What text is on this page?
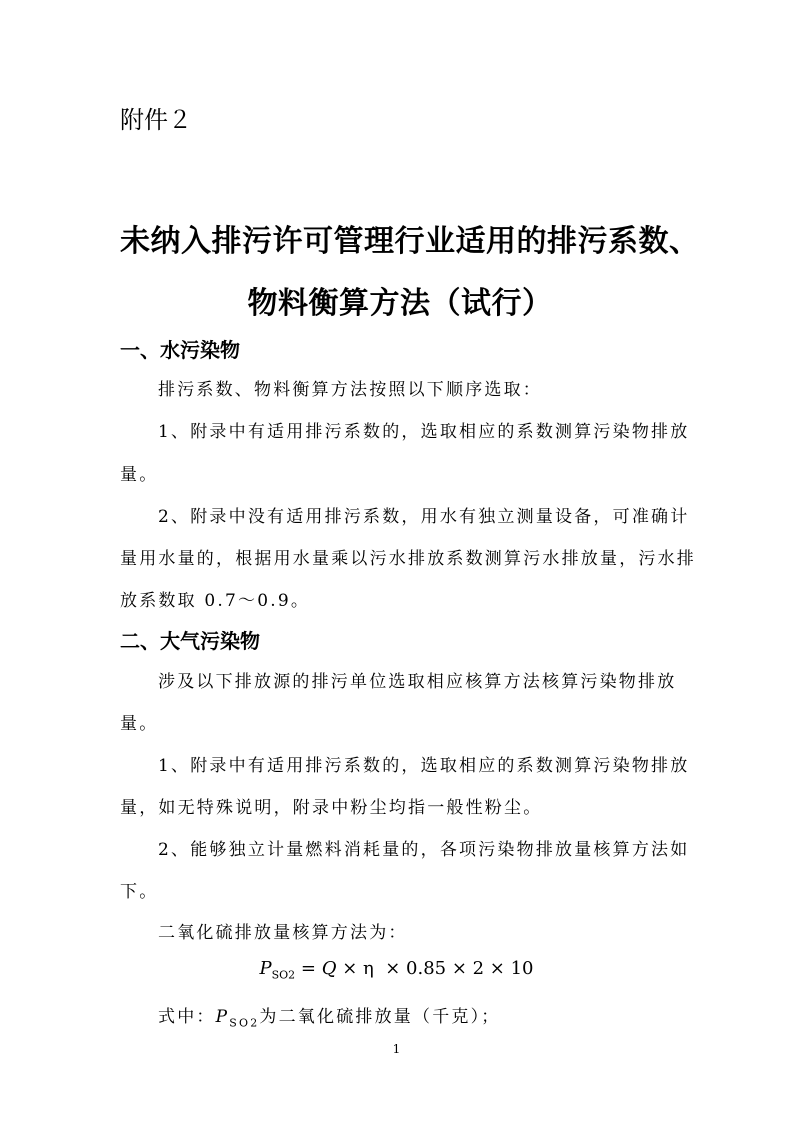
附件２
未纳入排污许可管理行业适用的排污系数、
物料衡算方法（试行）
一、水污染物
排污系数、物料衡算方法按照以下顺序选取：
1、附录中有适用排污系数的，选取相应的系数测算污染物排放
量。
2、附录中没有适用排污系数，用水有独立测量设备，可准确计
量用水量的，根据用水量乘以污水排放系数测算污水排放量，污水排
放系数取 0.7～0.9。
二、大气污染物
涉及以下排放源的排污单位选取相应核算方法核算污染物排放
量。
1、附录中有适用排污系数的，选取相应的系数测算污染物排放
量，如无特殊说明，附录中粉尘均指一般性粉尘。
2、能够独立计量燃料消耗量的，各项污染物排放量核算方法如
下。
二氧化硫排放量核算方法为：
$P_{SO2} = Q \times \eta \times 0.85 \times 2 \times 10$
式中：$P_{SO2}$为二氧化硫排放量（千克）；
1
